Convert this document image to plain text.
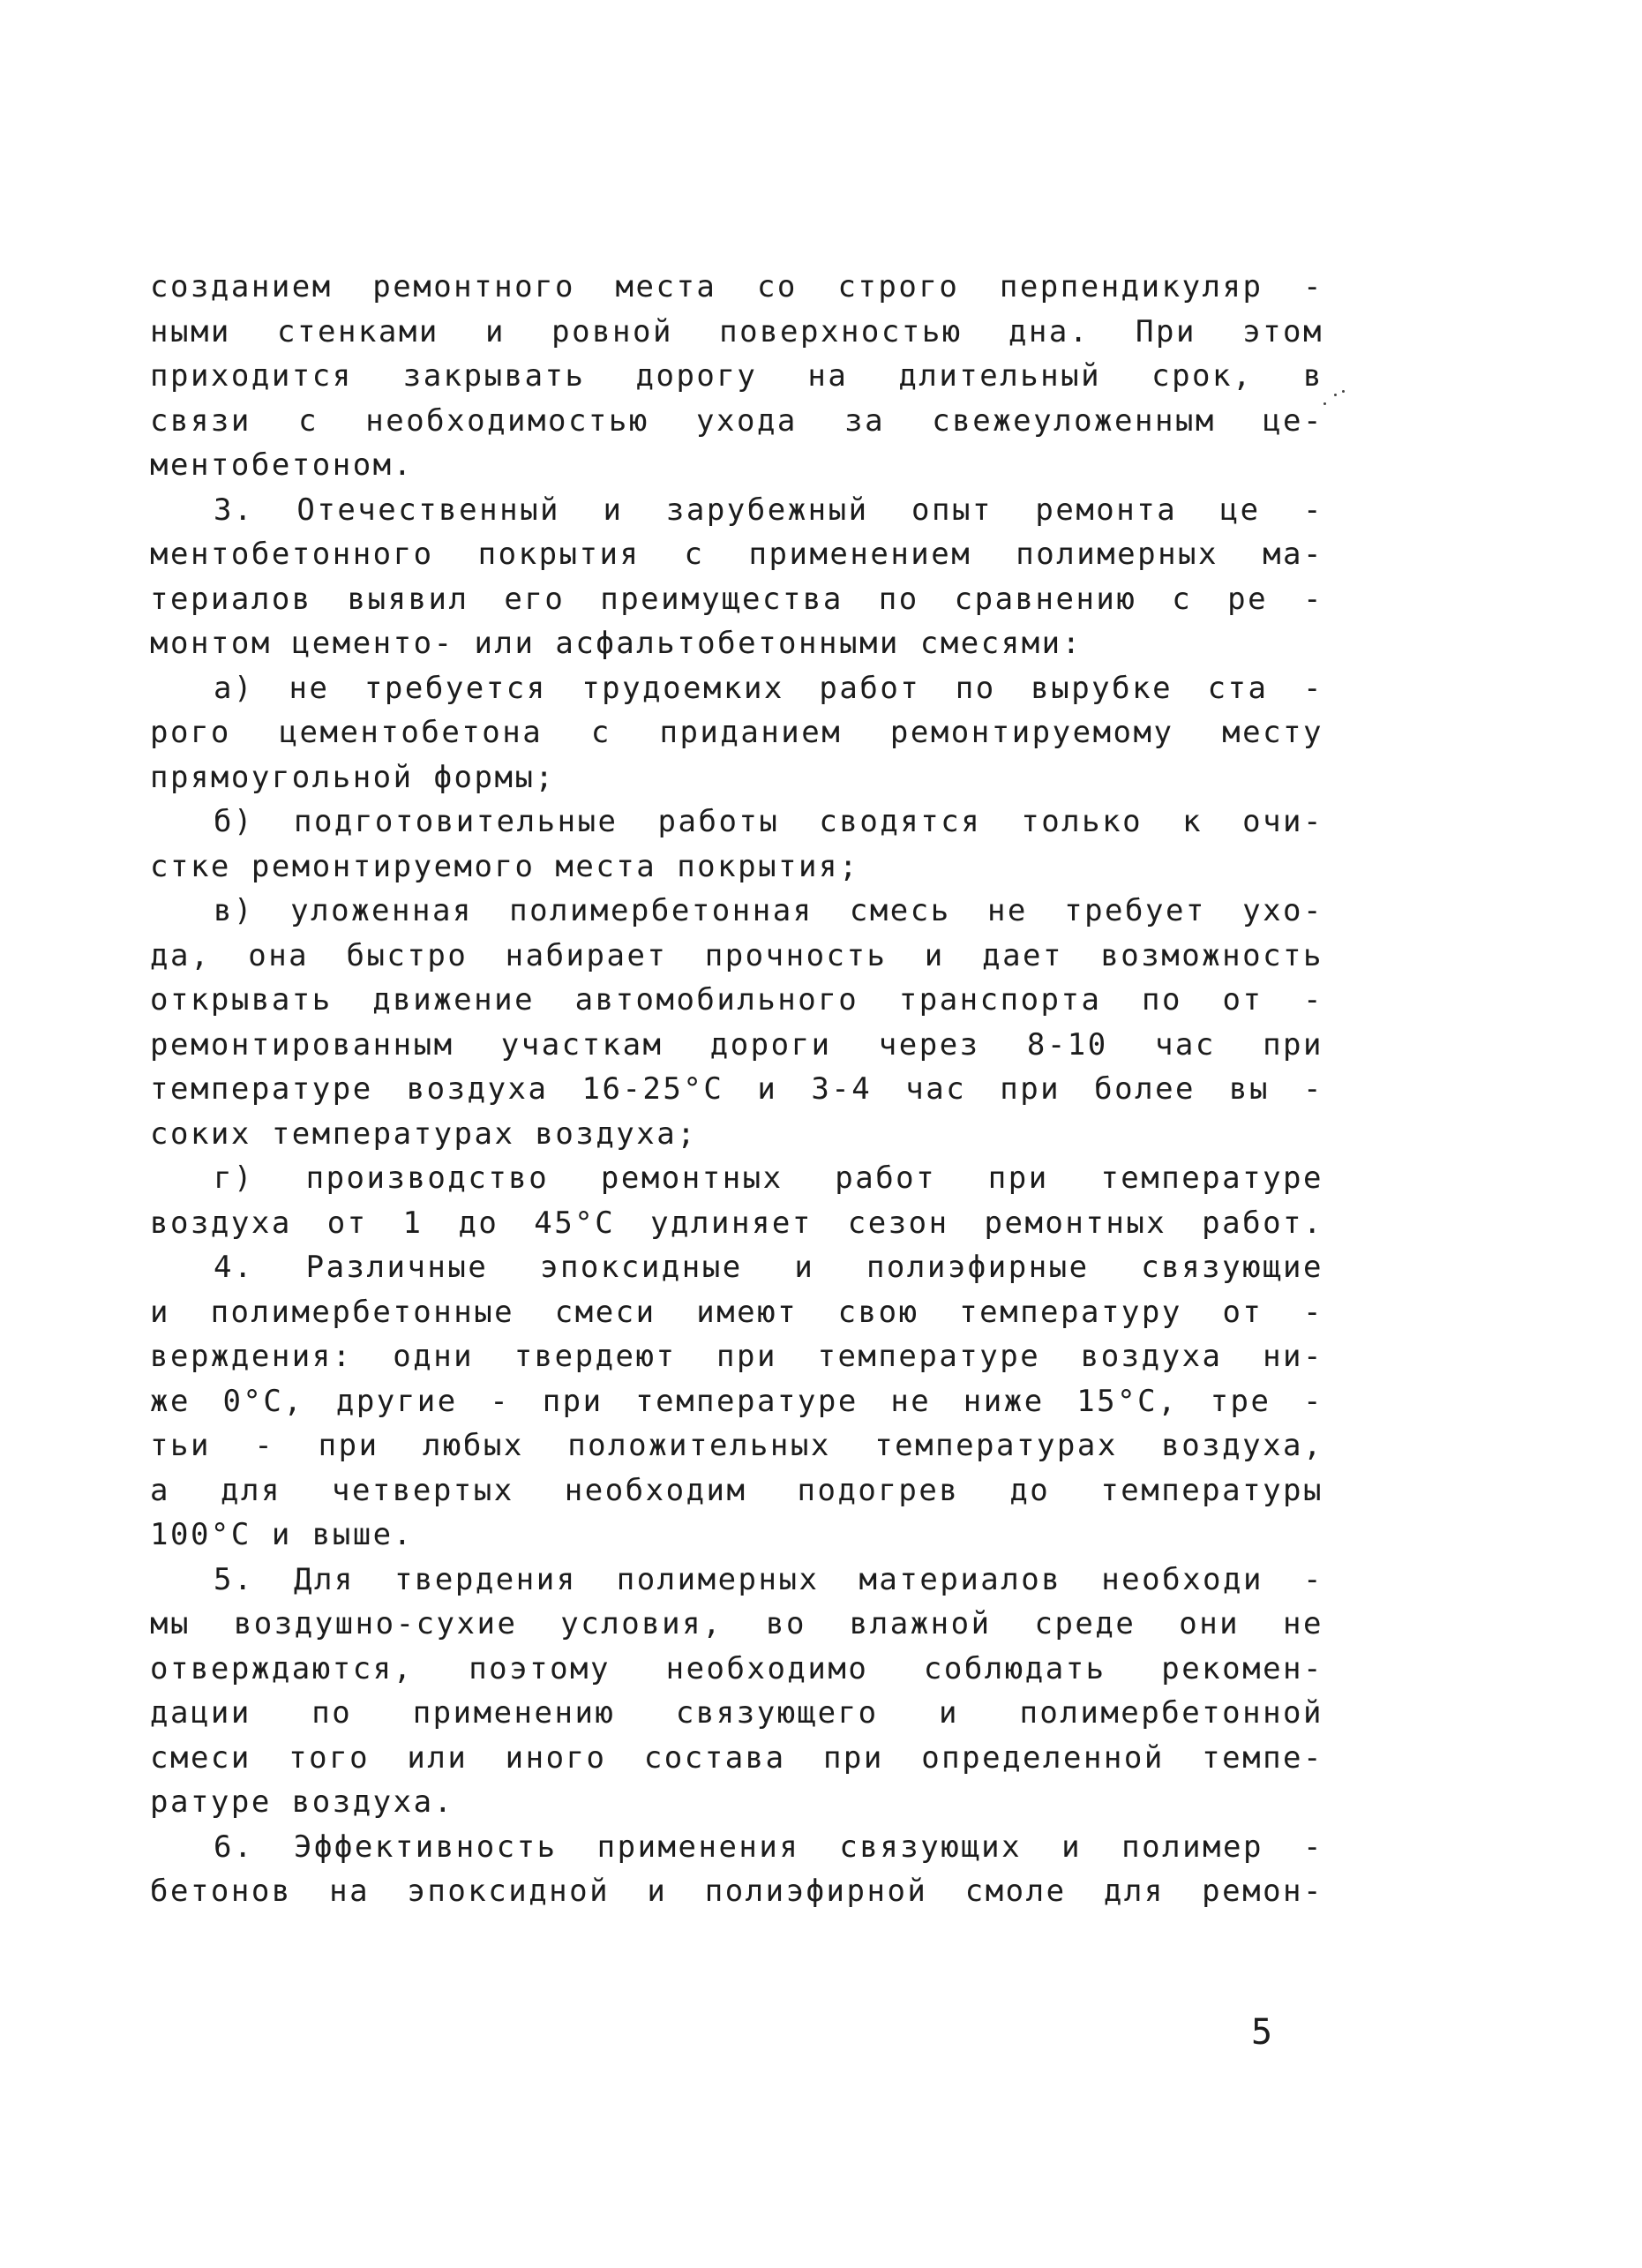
созданием ремонтного места со строго перпендикуляр -
ными стенками и ровной поверхностью дна. При этом
приходится закрывать дорогу на длительный срок, в
связи с необходимостью ухода за свежеуложенным це-
ментобетоном.
3. Отечественный и зарубежный опыт ремонта це -
ментобетонного покрытия с применением полимерных ма-
териалов выявил его преимущества по сравнению с ре -
монтом цементо- или асфальтобетонными смесями:
а) не требуется трудоемких работ по вырубке ста -
рого цементобетона с приданием ремонтируемому месту
прямоугольной формы;
б) подготовительные работы сводятся только к очи-
стке ремонтируемого места покрытия;
в) уложенная полимербетонная смесь не требует ухо-
да, она быстро набирает прочность и дает возможность
открывать движение автомобильного транспорта по от -
ремонтированным участкам дороги через 8-10 час при
температуре воздуха 16-25°С и 3-4 час при более вы -
соких температурах воздуха;
г) производство ремонтных работ при температуре
воздуха от 1 до 45°С удлиняет сезон ремонтных работ.
4. Различные эпоксидные и полиэфирные связующие
и полимербетонные смеси имеют свою температуру от -
верждения: одни твердеют при температуре воздуха ни-
же 0°С, другие - при температуре не ниже 15°С, тре -
тьи - при любых положительных температурах воздуха,
а для четвертых необходим подогрев до температуры
100°С и выше.
5. Для твердения полимерных материалов необходи -
мы воздушно-сухие условия, во влажной среде они не
отверждаются, поэтому необходимо соблюдать рекомен-
дации по применению связующего и полимербетонной
смеси того или иного состава при определенной темпе-
ратуре воздуха.
6. Эффективность применения связующих и полимер -
бетонов на эпоксидной и полиэфирной смоле для ремон-
5
